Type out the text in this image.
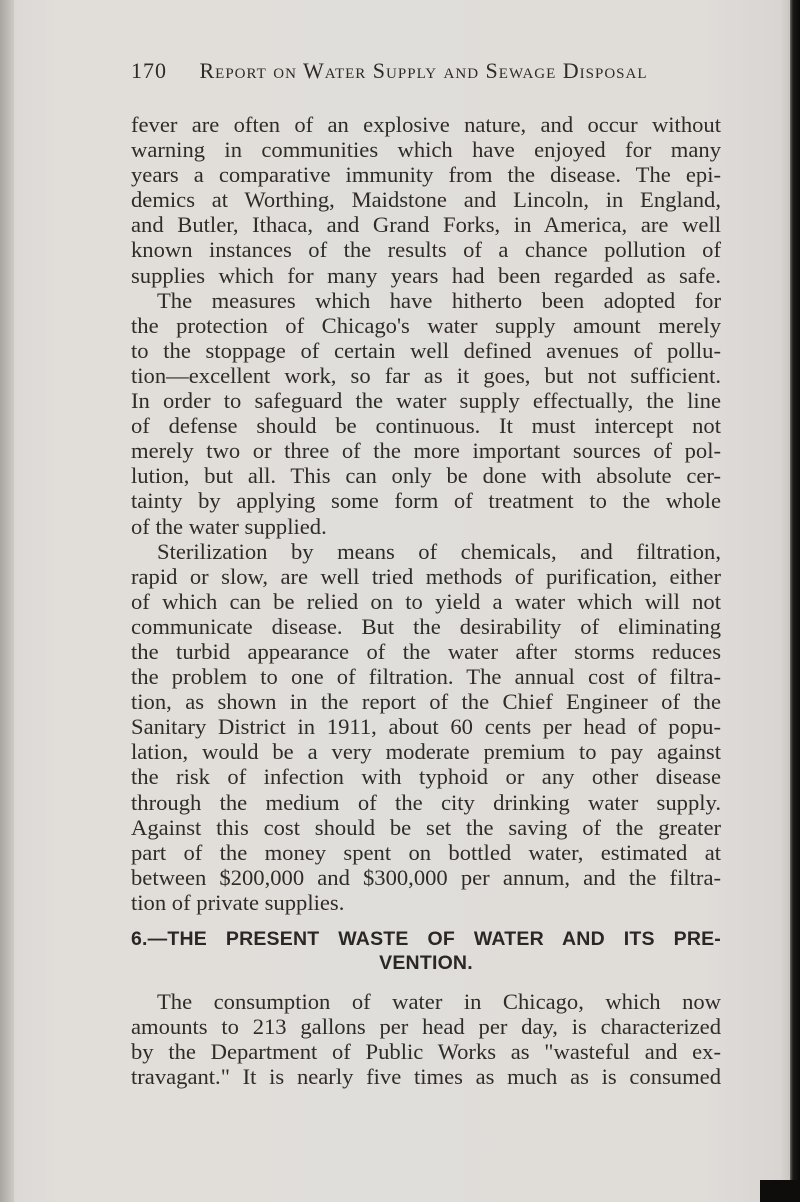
170 Report on Water Supply and Sewage Disposal
fever are often of an explosive nature, and occur without
warning in communities which have enjoyed for many
years a comparative immunity from the disease. The epi-
demics at Worthing, Maidstone and Lincoln, in England,
and Butler, Ithaca, and Grand Forks, in America, are well
known instances of the results of a chance pollution of
supplies which for many years had been regarded as safe.
The measures which have hitherto been adopted for
the protection of Chicago's water supply amount merely
to the stoppage of certain well defined avenues of pollu-
tion—excellent work, so far as it goes, but not sufficient.
In order to safeguard the water supply effectually, the line
of defense should be continuous. It must intercept not
merely two or three of the more important sources of pol-
lution, but all. This can only be done with absolute cer-
tainty by applying some form of treatment to the whole
of the water supplied.
Sterilization by means of chemicals, and filtration,
rapid or slow, are well tried methods of purification, either
of which can be relied on to yield a water which will not
communicate disease. But the desirability of eliminating
the turbid appearance of the water after storms reduces
the problem to one of filtration. The annual cost of filtra-
tion, as shown in the report of the Chief Engineer of the
Sanitary District in 1911, about 60 cents per head of popu-
lation, would be a very moderate premium to pay against
the risk of infection with typhoid or any other disease
through the medium of the city drinking water supply.
Against this cost should be set the saving of the greater
part of the money spent on bottled water, estimated at
between $200,000 and $300,000 per annum, and the filtra-
tion of private supplies.
6.—THE PRESENT WASTE OF WATER AND ITS PRE-
VENTION.
The consumption of water in Chicago, which now
amounts to 213 gallons per head per day, is characterized
by the Department of Public Works as "wasteful and ex-
travagant." It is nearly five times as much as is consumed
